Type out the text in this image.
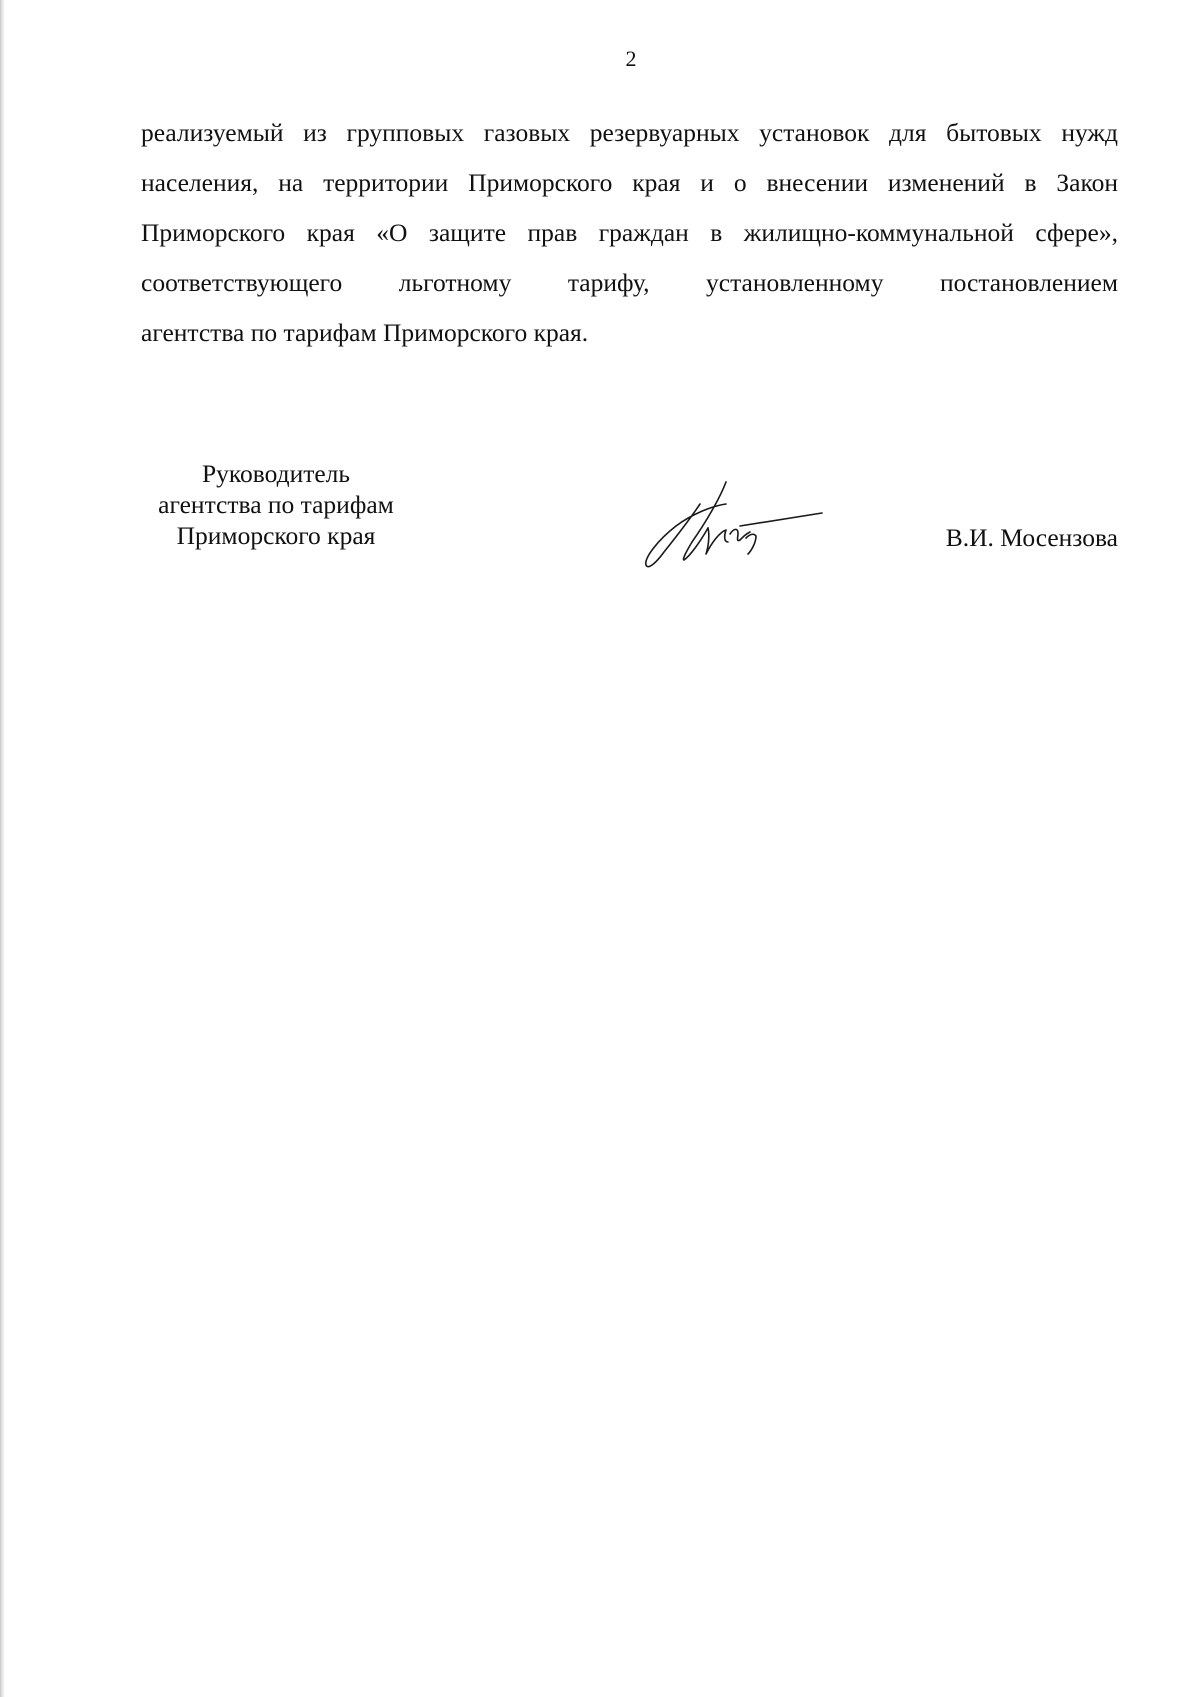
2

реализуемый из групповых газовых резервуарных установок для бытовых нужд
населения, на территории Приморского края и о внесении изменений в Закон
Приморского края «О защите прав граждан в жилищно-коммунальной сфере»,
соответствующего льготному тарифу, установленному постановлением
агентства по тарифам Приморского края.

Руководитель
агентства по тарифам
Приморского края	В.И. Мосензова
